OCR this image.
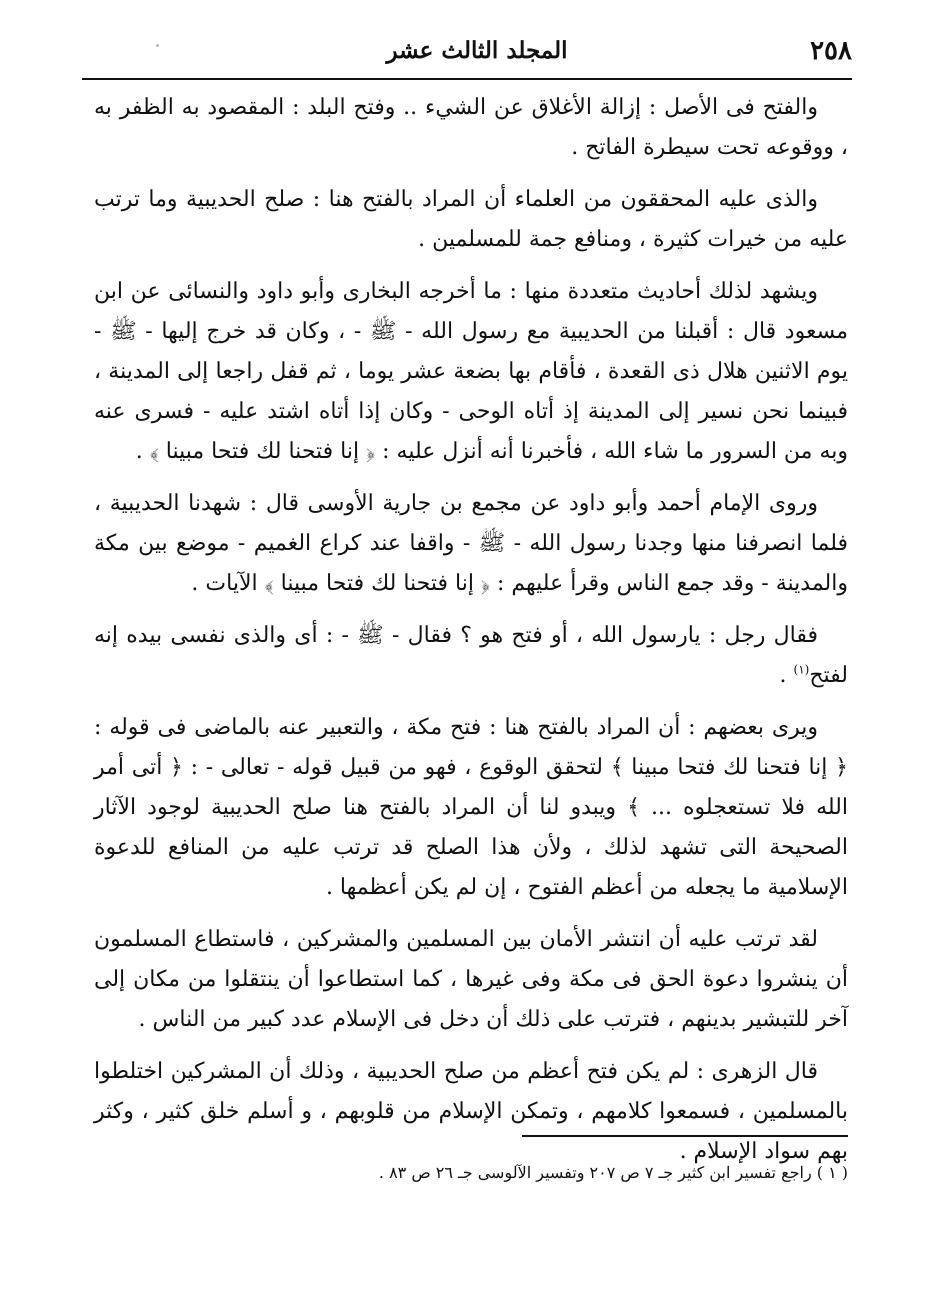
٢٥٨
المجلد الثالث عشر

والفتح فى الأصل : إزالة الأغلاق عن الشيء .. وفتح البلد : المقصود به الظفر به ، ووقوعه تحت سيطرة الفاتح .

والذى عليه المحققون من العلماء أن المراد بالفتح هنا : صلح الحديبية وما ترتب عليه من خيرات كثيرة ، ومنافع جمة للمسلمين .

ويشهد لذلك أحاديث متعددة منها : ما أخرجه البخارى وأبو داود والنسائى عن ابن مسعود قال : أقبلنا من الحديبية مع رسول الله - ﷺ - ، وكان قد خرج إليها - ﷺ - يوم الاثنين هلال ذى القعدة ، فأقام بها بضعة عشر يوما ، ثم قفل راجعا إلى المدينة ، فبينما نحن نسير إلى المدينة إذ أتاه الوحى - وكان إذا أتاه اشتد عليه - فسرى عنه وبه من السرور ما شاء الله ، فأخبرنا أنه أنزل عليه : ﴿ إنا فتحنا لك فتحا مبينا ﴾ .

وروى الإمام أحمد وأبو داود عن مجمع بن جارية الأوسى قال : شهدنا الحديبية ، فلما انصرفنا منها وجدنا رسول الله - ﷺ - واقفا عند كراع الغميم - موضع بين مكة والمدينة - وقد جمع الناس وقرأ عليهم : ﴿ إنا فتحنا لك فتحا مبينا ﴾ الآيات .

فقال رجل : يارسول الله ، أو فتح هو ؟ فقال - ﷺ - : أى والذى نفسى بيده إنه لفتح$^{(١)}$ .

ويرى بعضهم : أن المراد بالفتح هنا : فتح مكة ، والتعبير عنه بالماضى فى قوله : ﴿ إنا فتحنا لك فتحا مبينا ﴾ لتحقق الوقوع ، فهو من قبيل قوله - تعالى - : ﴿ أتى أمر الله فلا تستعجلوه ... ﴾ ويبدو لنا أن المراد بالفتح هنا صلح الحديبية لوجود الآثار الصحيحة التى تشهد لذلك ، ولأن هذا الصلح قد ترتب عليه من المنافع للدعوة الإسلامية ما يجعله من أعظم الفتوح ، إن لم يكن أعظمها .

لقد ترتب عليه أن انتشر الأمان بين المسلمين والمشركين ، فاستطاع المسلمون أن ينشروا دعوة الحق فى مكة وفى غيرها ، كما استطاعوا أن ينتقلوا من مكان إلى آخر للتبشير بدينهم ، فترتب على ذلك أن دخل فى الإسلام عدد كبير من الناس .

قال الزهرى : لم يكن فتح أعظم من صلح الحديبية ، وذلك أن المشركين اختلطوا بالمسلمين ، فسمعوا كلامهم ، وتمكن الإسلام من قلوبهم ، و أسلم خلق كثير ، وكثر بهم سواد الإسلام .

( ١ ) راجع تفسير ابن كثير جـ ٧ ص ٢٠٧ وتفسير الآلوسى جـ ٢٦ ص ٨٣ .
